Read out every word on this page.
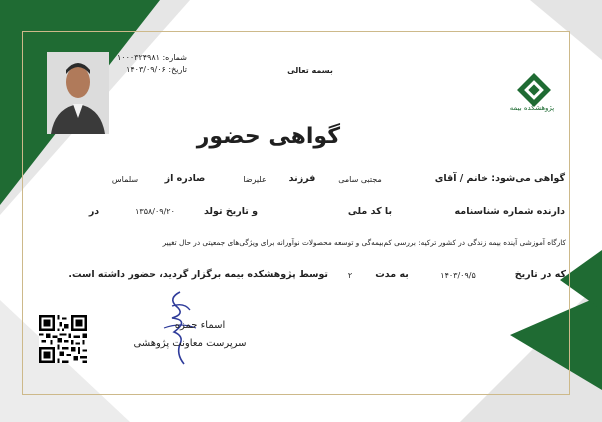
شماره: ۱۰۰۰۳۲۴۹۸۱
تاریخ: ۱۴۰۳/۰۹/۰۶	بسمه تعالی
پژوهشکده بیمه
گواهی حضور
گواهی می‌شود: خانم / آقای
مجتبی سامی
فرزند
علیرضا
صادره از
سلماس
دارنده شماره شناسنامه
با کد ملی
و تاریخ تولد
۱۳۵۸/۰۹/۲۰
در
کارگاه آموزشی آینده بیمه زندگی در کشور ترکیه: بررسی کم‌بیمه‌گی و توسعه محصولات نوآورانه برای ویژگی‌های جمعیتی در حال تغییر
که در تاریخ
۱۴۰۳/۰۹/۵
به مدت
۲
توسط پژوهشکده بیمه برگزار گردید، حضور داشته است.
اسماء حمزه
سرپرست معاونت پژوهشی
